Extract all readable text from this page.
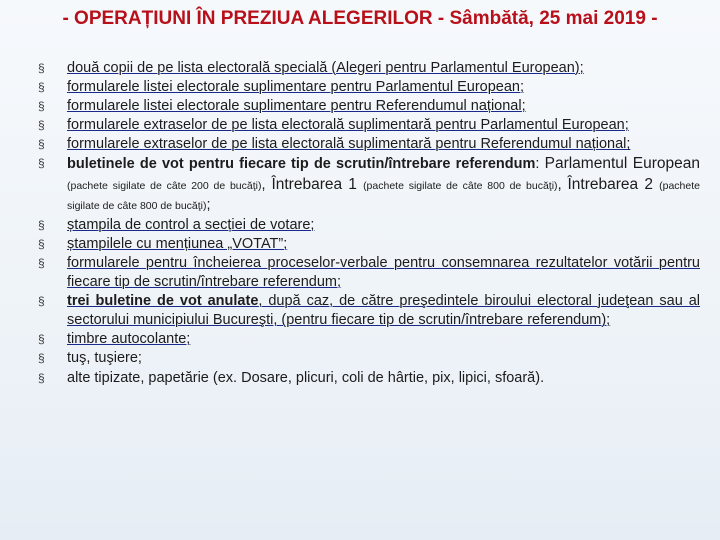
- OPERAȚIUNI ÎN PREZIUA ALEGERILOR - Sâmbătă, 25 mai 2019 -
§ două copii de pe lista electorală specială (Alegeri pentru Parlamentul European);
§ formularele listei electorale suplimentare pentru Parlamentul European;
§ formularele listei electorale suplimentare pentru Referendumul național;
§ formularele extraselor de pe lista electorală suplimentară pentru Parlamentul European;
§ formularele extraselor de pe lista electorală suplimentară pentru Referendumul național;
§ buletinele de vot pentru fiecare tip de scrutin/întrebare referendum: Parlamentul European (pachete sigilate de câte 200 de bucăţi), Întrebarea 1 (pachete sigilate de câte 800 de bucăţi), Întrebarea 2 (pachete sigilate de câte 800 de bucăţi);
§ ștampila de control a secției de votare;
§ ștampilele cu mențiunea „VOTAT”;
§ formularele pentru încheierea proceselor-verbale pentru consemnarea rezultatelor votării pentru fiecare tip de scrutin/întrebare referendum;
§ trei buletine de vot anulate, după caz, de către preşedintele biroului electoral judeţean sau al sectorului municipiului Bucureşti, (pentru fiecare tip de scrutin/întrebare referendum);
§ timbre autocolante;
§ tuş, tuşiere;
§ alte tipizate, papetărie (ex. Dosare, plicuri, coli de hârtie, pix, lipici, sfoară).
